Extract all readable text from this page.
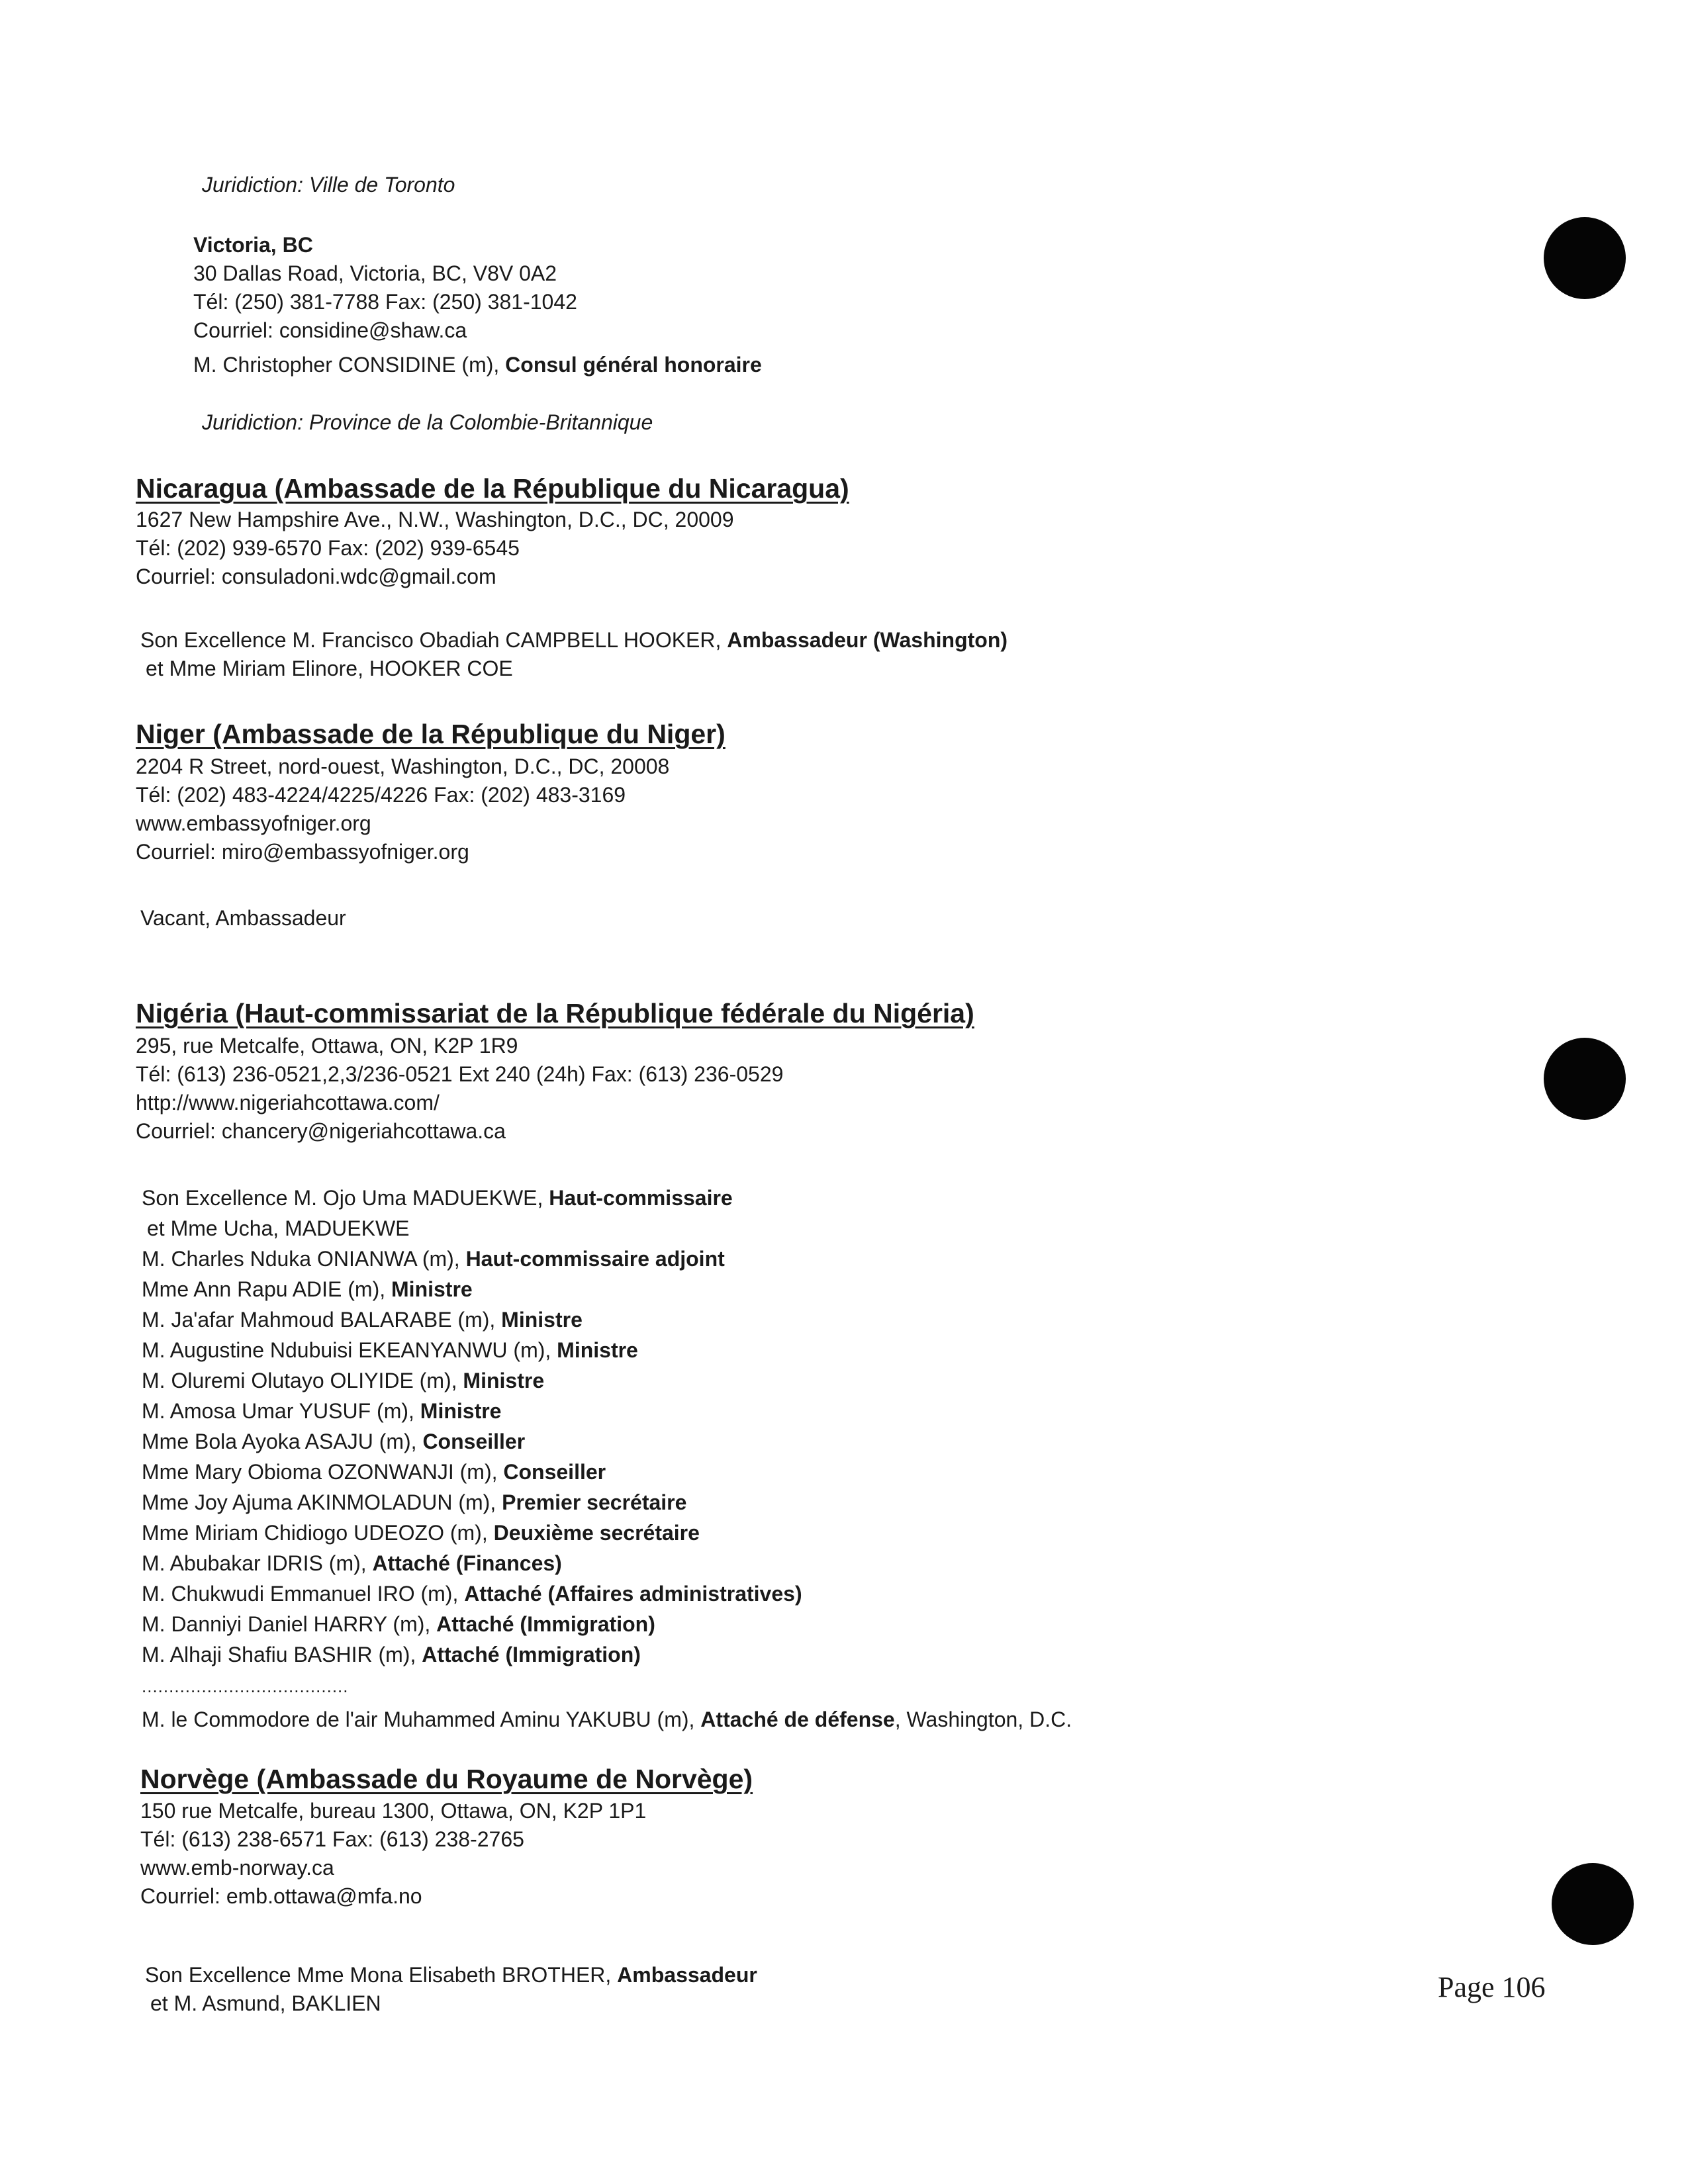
Juridiction: Ville de Toronto
Victoria, BC
30 Dallas Road, Victoria, BC, V8V 0A2
Tél: (250) 381-7788 Fax: (250) 381-1042
Courriel: considine@shaw.ca
M. Christopher CONSIDINE (m), Consul général honoraire
Juridiction: Province de la Colombie-Britannique
Nicaragua (Ambassade de la République du Nicaragua)
1627 New Hampshire Ave., N.W., Washington, D.C., DC, 20009
Tél: (202) 939-6570 Fax: (202) 939-6545
Courriel: consuladoni.wdc@gmail.com
Son Excellence M. Francisco Obadiah CAMPBELL HOOKER, Ambassadeur (Washington)
et Mme Miriam Elinore, HOOKER COE
Niger (Ambassade de la République du Niger)
2204 R Street, nord-ouest, Washington, D.C., DC, 20008
Tél: (202) 483-4224/4225/4226 Fax: (202) 483-3169
www.embassyofniger.org
Courriel: miro@embassyofniger.org
Vacant, Ambassadeur
Nigéria (Haut-commissariat de la République fédérale du Nigéria)
295, rue Metcalfe, Ottawa, ON, K2P 1R9
Tél: (613) 236-0521,2,3/236-0521 Ext 240 (24h) Fax: (613) 236-0529
http://www.nigeriahcottawa.com/
Courriel: chancery@nigeriahcottawa.ca
Son Excellence M. Ojo Uma MADUEKWE, Haut-commissaire
et Mme Ucha, MADUEKWE
M. Charles Nduka ONIANWA (m), Haut-commissaire adjoint
Mme Ann Rapu ADIE (m), Ministre
M. Ja'afar Mahmoud BALARABE (m), Ministre
M. Augustine Ndubuisi EKEANYANWU (m), Ministre
M. Oluremi Olutayo OLIYIDE (m), Ministre
M. Amosa Umar YUSUF (m), Ministre
Mme Bola Ayoka ASAJU (m), Conseiller
Mme Mary Obioma OZONWANJI (m), Conseiller
Mme Joy Ajuma AKINMOLADUN (m), Premier secrétaire
Mme Miriam Chidiogo UDEOZO (m), Deuxième secrétaire
M. Abubakar IDRIS (m), Attaché (Finances)
M. Chukwudi Emmanuel IRO (m), Attaché (Affaires administratives)
M. Danniyi Daniel HARRY (m), Attaché (Immigration)
M. Alhaji Shafiu BASHIR (m), Attaché (Immigration)
......................................
M. le Commodore de l'air Muhammed Aminu YAKUBU (m), Attaché de défense, Washington, D.C.
Norvège (Ambassade du Royaume de Norvège)
150 rue Metcalfe, bureau 1300, Ottawa, ON, K2P 1P1
Tél: (613) 238-6571 Fax: (613) 238-2765
www.emb-norway.ca
Courriel: emb.ottawa@mfa.no
Son Excellence Mme Mona Elisabeth BROTHER, Ambassadeur
et M. Asmund, BAKLIEN	Page 106
